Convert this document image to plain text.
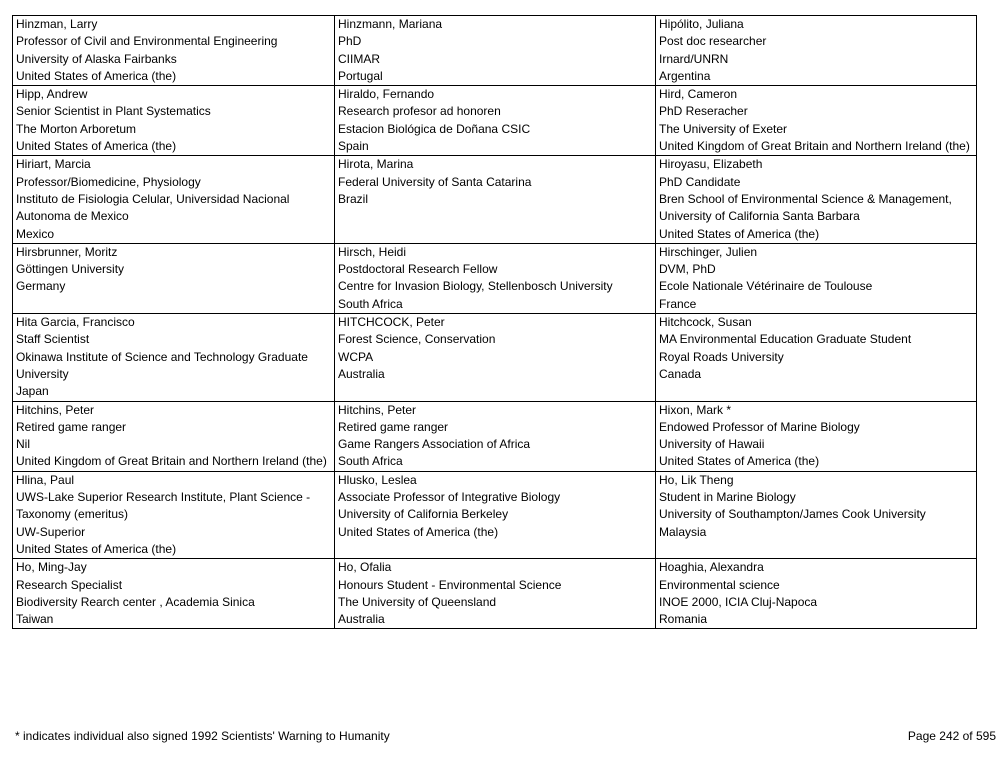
Hinzman, Larry
Professor of Civil and Environmental Engineering
University of Alaska Fairbanks
United States of America (the)	Hinzmann, Mariana
PhD
CIIMAR
Portugal	Hipólito, Juliana
Post doc researcher
Irnard/UNRN
Argentina

Hipp, Andrew
Senior Scientist in Plant Systematics
The Morton Arboretum
United States of America (the)	Hiraldo, Fernando
Research profesor ad honoren
Estacion Biológica de Doñana CSIC
Spain	Hird, Cameron
PhD Reseracher
The University of Exeter
United Kingdom of Great Britain and Northern Ireland (the)

Hiriart, Marcia
Professor/Biomedicine, Physiology
Instituto de Fisiologia Celular, Universidad Nacional Autonoma de Mexico
Mexico	Hirota, Marina
Federal University of Santa Catarina
Brazil	Hiroyasu, Elizabeth
PhD Candidate
Bren School of Environmental Science & Management, University of California Santa Barbara
United States of America (the)

Hirsbrunner, Moritz
Göttingen University
Germany	Hirsch, Heidi
Postdoctoral Research Fellow
Centre for Invasion Biology, Stellenbosch University
South Africa	Hirschinger, Julien
DVM, PhD
Ecole Nationale Vétérinaire de Toulouse
France

Hita Garcia, Francisco
Staff Scientist
Okinawa Institute of Science and Technology Graduate University
Japan	HITCHCOCK, Peter
Forest Science, Conservation
WCPA
Australia	Hitchcock, Susan
MA Environmental Education Graduate Student
Royal Roads University
Canada

Hitchins, Peter
Retired game ranger
Nil
United Kingdom of Great Britain and Northern Ireland (the)	Hitchins, Peter
Retired game ranger
Game Rangers Association of Africa
South Africa	Hixon, Mark *
Endowed Professor of Marine Biology
University of Hawaii
United States of America (the)

Hlina, Paul
UWS-Lake Superior Research Institute, Plant Science - Taxonomy (emeritus)
UW-Superior
United States of America (the)	Hlusko, Leslea
Associate Professor of Integrative Biology
University of California Berkeley
United States of America (the)	Ho, Lik Theng
Student in Marine Biology
University of Southampton/James Cook University
Malaysia

Ho, Ming-Jay
Research Specialist
Biodiversity Rearch center , Academia Sinica
Taiwan	Ho, Ofalia
Honours Student - Environmental Science
The University of Queensland
Australia	Hoaghia, Alexandra
Environmental science
INOE 2000, ICIA Cluj-Napoca
Romania
* indicates individual also signed 1992 Scientists' Warning to Humanity	Page 242 of 595
